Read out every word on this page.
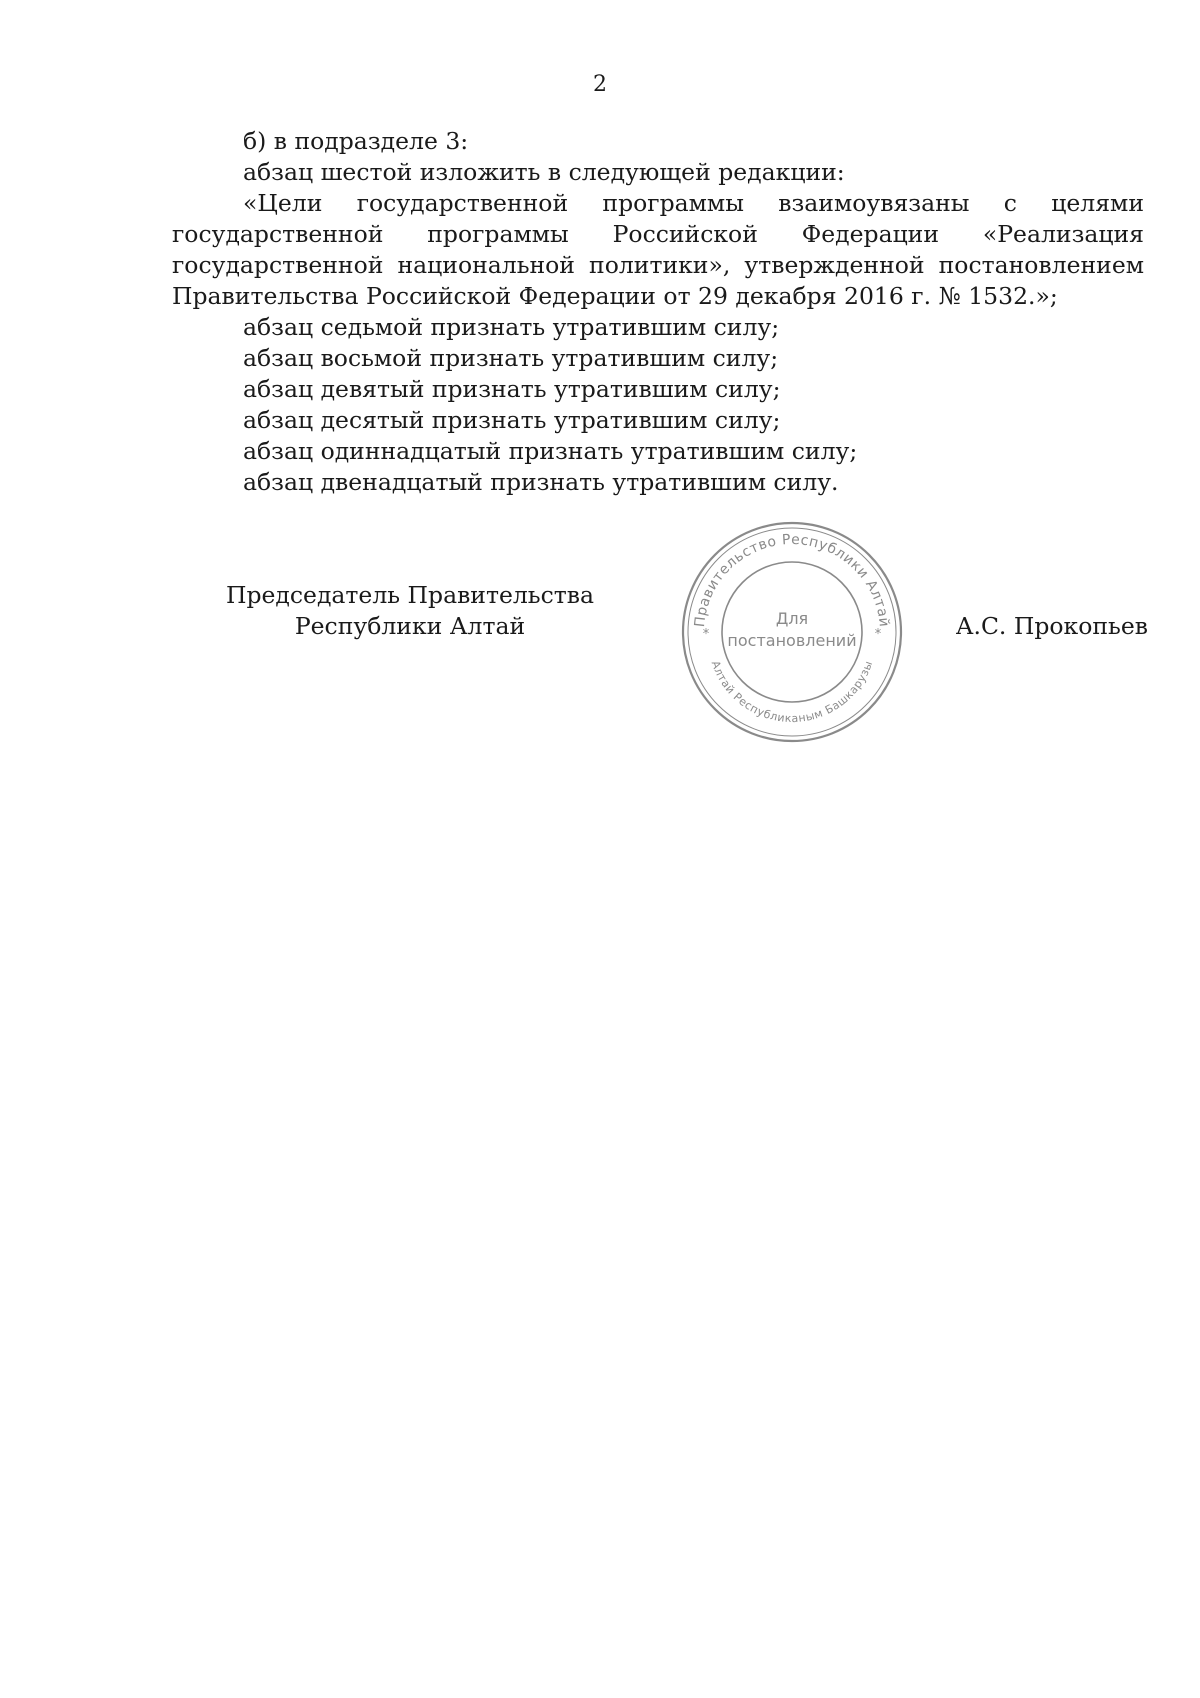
2

б) в подразделе 3:

абзац шестой изложить в следующей редакции:

«Цели государственной программы взаимоувязаны с целями государственной программы Российской Федерации «Реализация государственной национальной политики», утвержденной постановлением Правительства Российской Федерации от 29 декабря 2016 г. № 1532.»;

абзац седьмой признать утратившим силу;

абзац восьмой признать утратившим силу;

абзац девятый признать утратившим силу;

абзац десятый признать утратившим силу;

абзац одиннадцатый признать утратившим силу;

абзац двенадцатый признать утратившим силу.

Председатель Правительства
Республики Алтай	А.С. Прокопьев
*	*
Правительство Республики Алтай
Алтай Республиканым Башкарузы
Для
постановлений
